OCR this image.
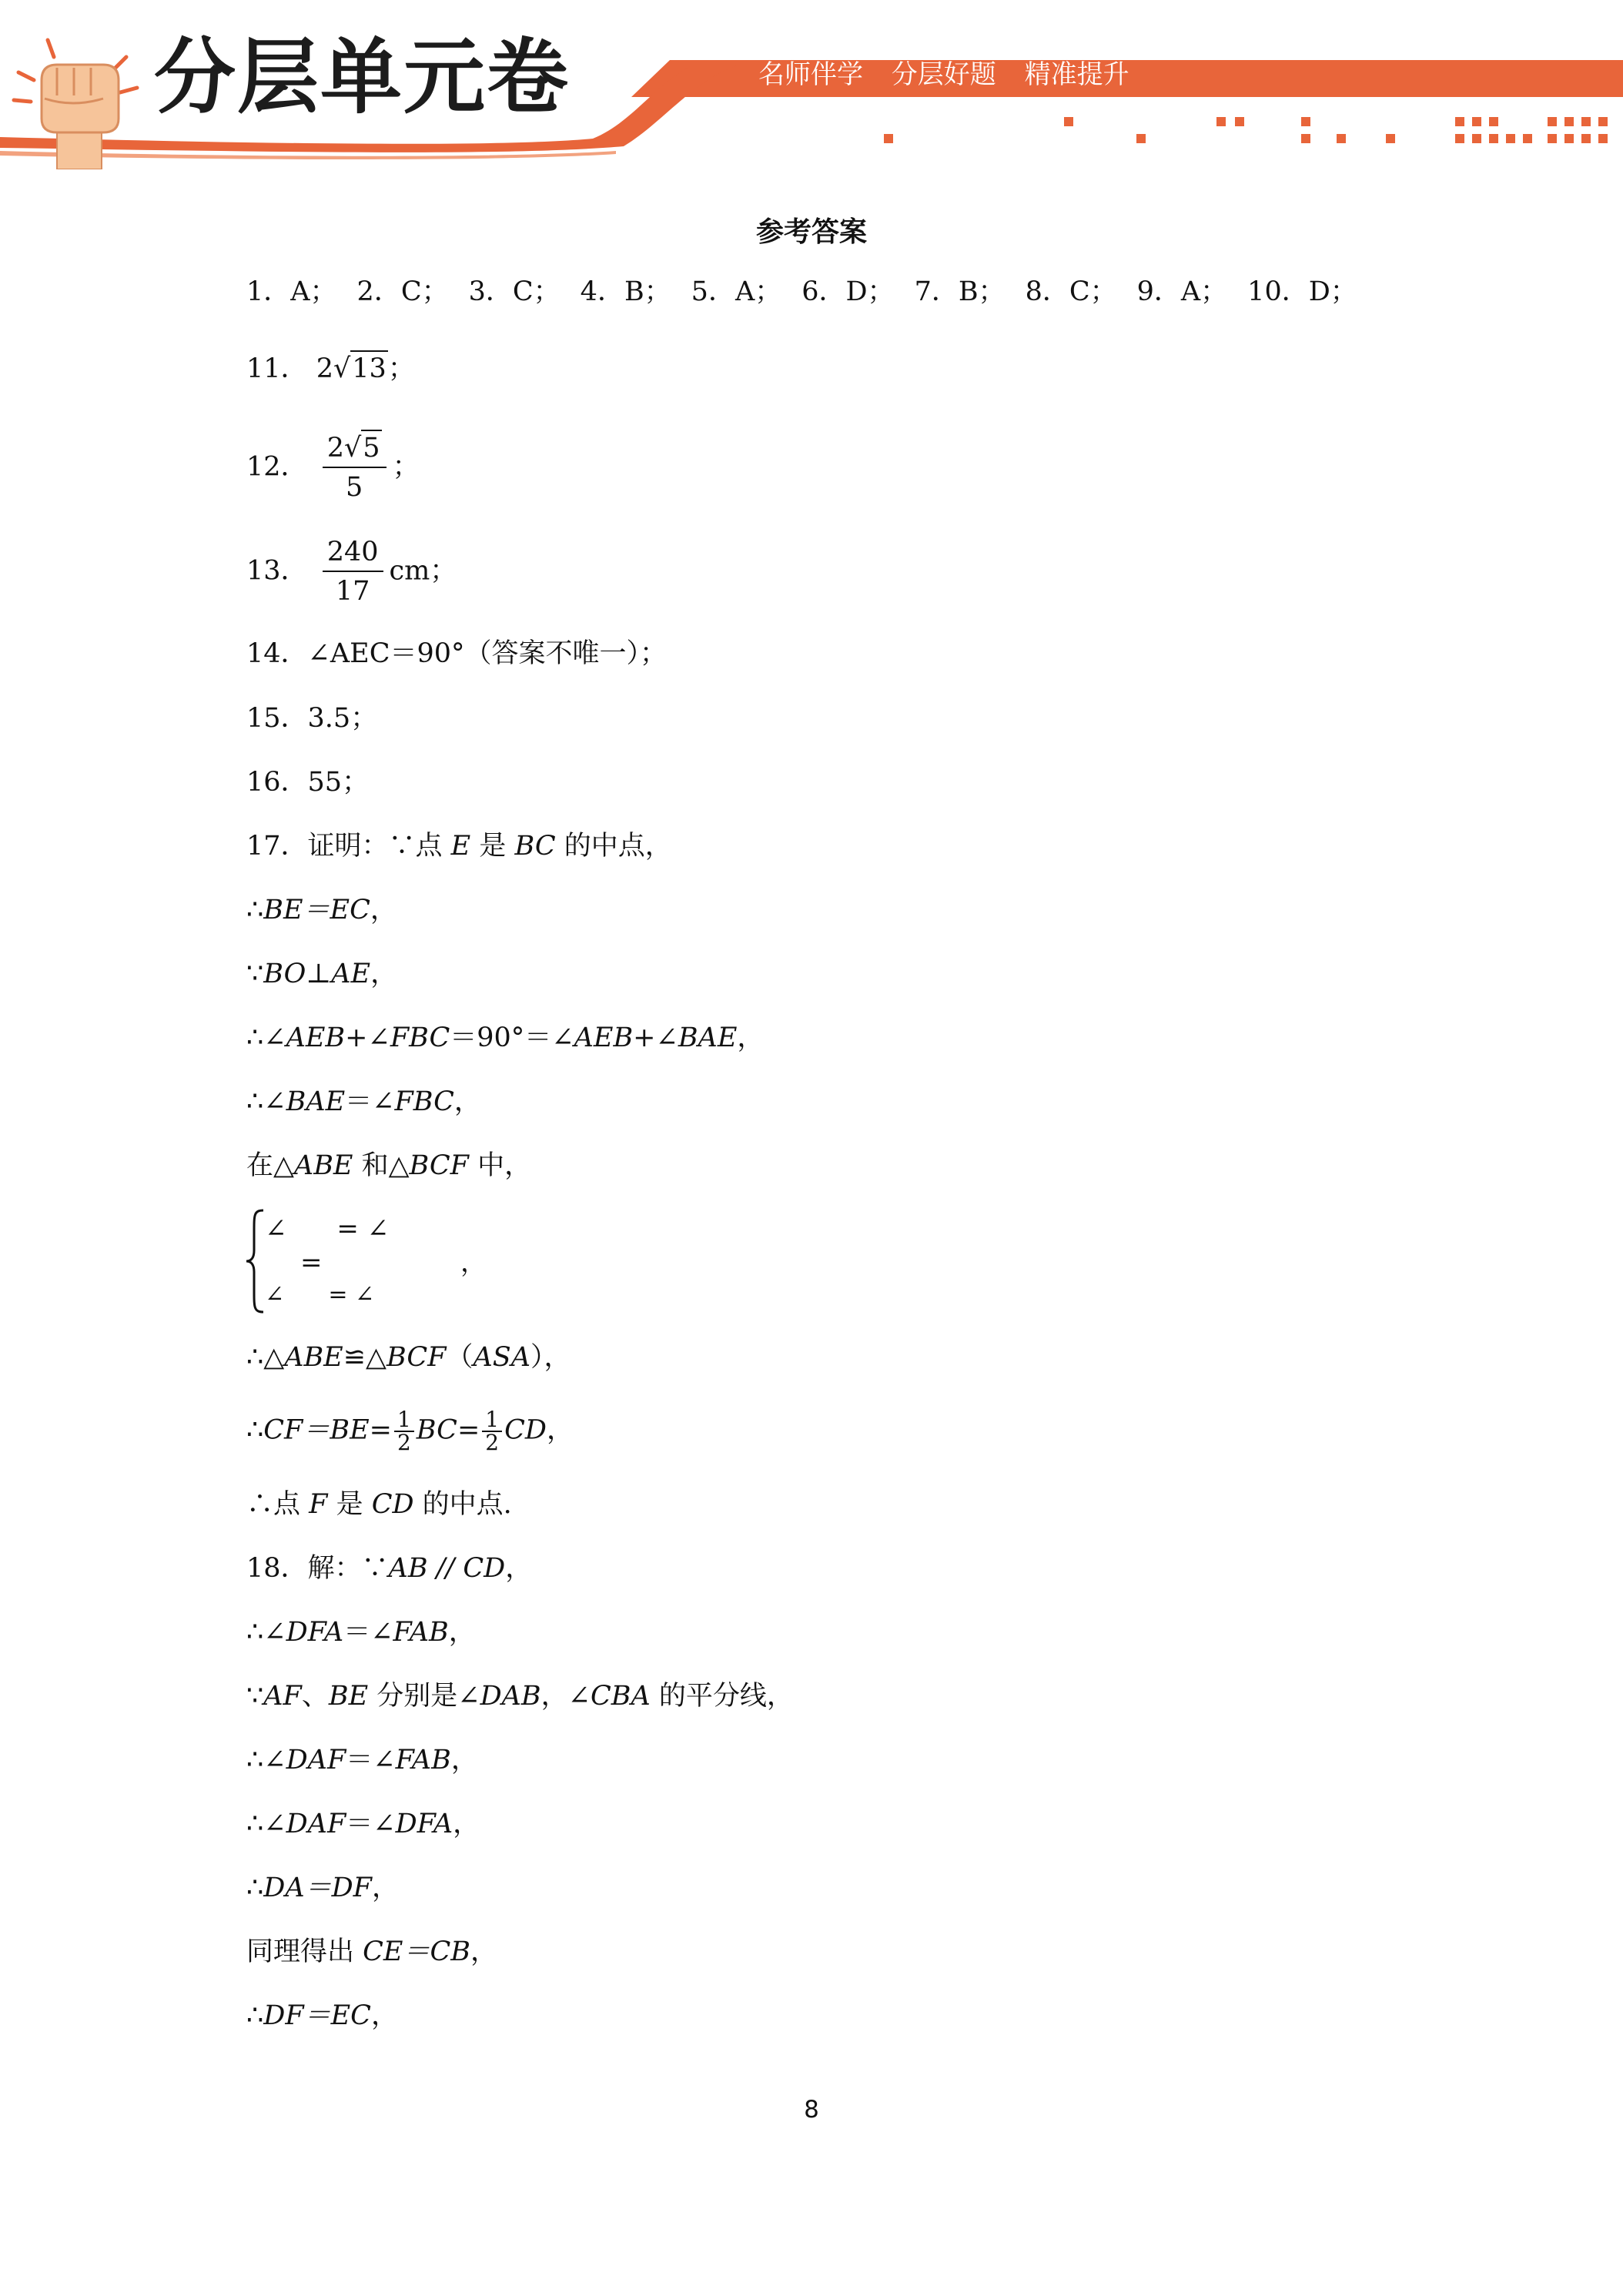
分层单元卷	名师伴学 分层好题 精准提升
参考答案
1．A； 2．C； 3．C； 4．B； 5．A； 6．D； 7．B； 8．C； 9．A； 10．D；
11． 2√13；
12． $\frac{2√5}{5}$ ；
13． $\frac{240}{17}$ cm；
14．∠AEC＝90°（答案不唯一）；
15．3.5；
16．55；
17．证明：∵点 E 是 BC 的中点，
∴BE＝EC，
∵BO⊥AE，
∴∠AEB+∠FBC＝90°＝∠AEB+∠BAE，
∴∠BAE＝∠FBC，
在△ABE 和△BCF 中，
∠      = ∠
=
∠      = ∠
，
∴△ABE≌△BCF（ASA），
∴CF＝BE= $\frac{1}{2} BC= \frac{1}{2}$ CD，
∴点 F 是 CD 的中点.
18．解：∵AB // CD，
∴∠DFA＝∠FAB，
∵AF、BE 分别是∠DAB，∠CBA 的平分线，
∴∠DAF＝∠FAB，
∴∠DAF＝∠DFA，
∴DA＝DF，
同理得出 CE＝CB，
∴DF＝EC，
8
